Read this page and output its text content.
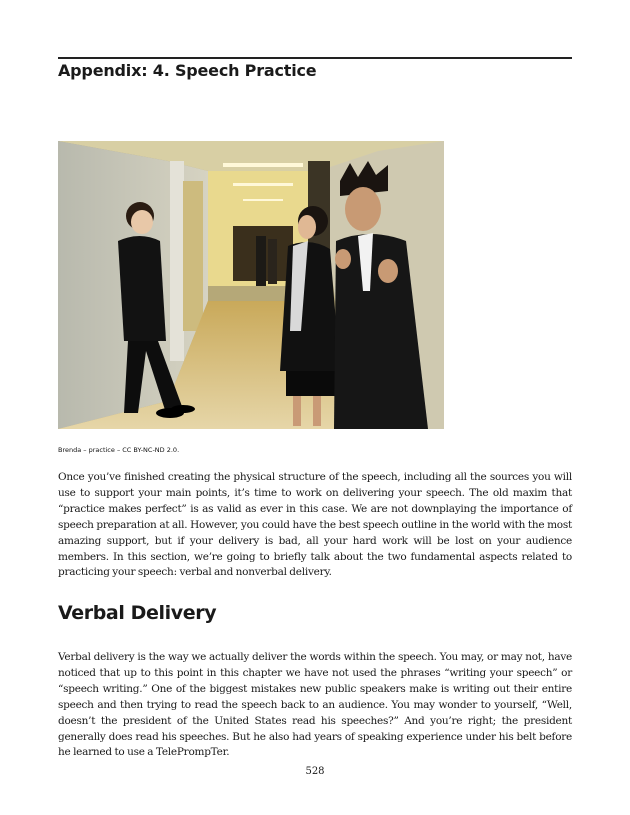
Appendix: 4. Speech Practice
Brenda – practice – CC BY-NC-ND 2.0.

Once you’ve finished creating the physical structure of the speech, including all the sources you will use to support your main points, it’s time to work on delivering your speech. The old maxim that “practice makes perfect” is as valid as ever in this case. We are not downplaying the importance of speech preparation at all. However, you could have the best speech outline in the world with the most amazing support, but if your delivery is bad, all your hard work will be lost on your audience members. In this section, we’re going to briefly talk about the two fundamental aspects related to practicing your speech: verbal and nonverbal delivery.

Verbal Delivery

Verbal delivery is the way we actually deliver the words within the speech. You may, or may not, have noticed that up to this point in this chapter we have not used the phrases “writing your speech” or “speech writing.” One of the biggest mistakes new public speakers make is writing out their entire speech and then trying to read the speech back to an audience. You may wonder to yourself, “Well, doesn’t the president of the United States read his speeches?” And you’re right; the president generally does read his speeches. But he also had years of speaking experience under his belt before he learned to use a TelePrompTer.

528
